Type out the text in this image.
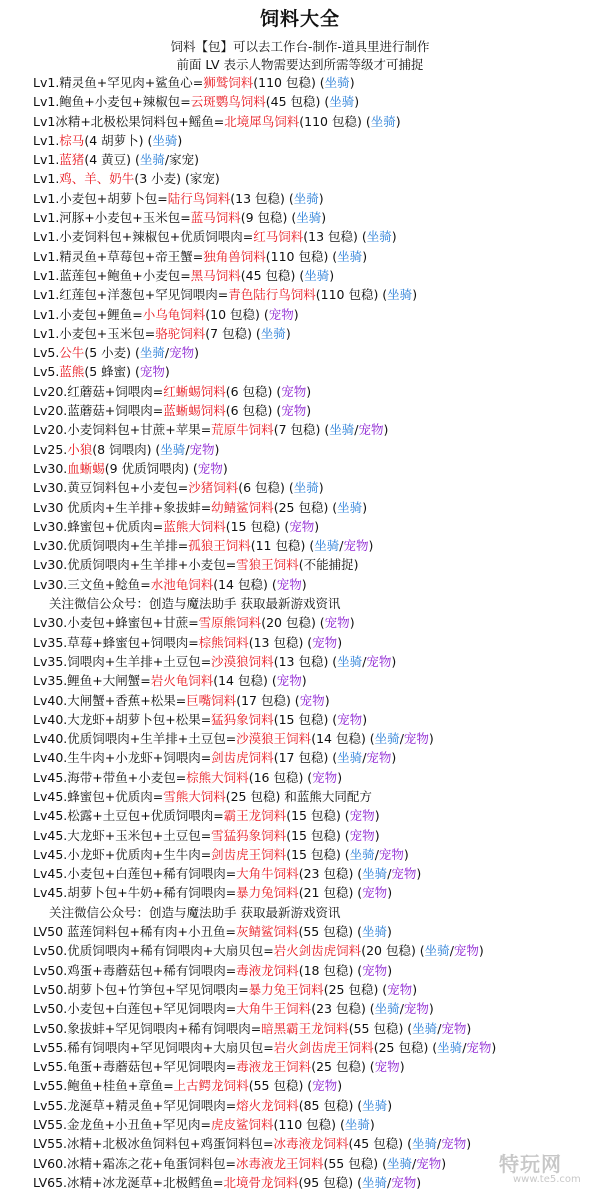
饲料大全
饲料【包】可以去工作台-制作-道具里进行制作
前面 LV 表示人物需要达到所需等级才可捕捉
Lv1.精灵鱼+罕见肉+鲨鱼心=狮鹫饲料(110 包稳) (坐骑)
Lv1.鲍鱼+小麦包+辣椒包=云斑鹦鸟饲料(45 包稳) (坐骑)
Lv1冰精+北极松果饲料包+鳐鱼=北境犀鸟饲料(110 包稳) (坐骑)
Lv1.棕马(4 胡萝卜) (坐骑)
Lv1.蓝猪(4 黄豆) (坐骑/家宠)
Lv1.鸡、羊、奶牛(3 小麦) (家宠)
Lv1.小麦包+胡萝卜包=陆行鸟饲料(13 包稳) (坐骑)
Lv1.河豚+小麦包+玉米包=蓝马饲料(9 包稳) (坐骑)
Lv1.小麦饲料包+辣椒包+优质饲喂肉=红马饲料(13 包稳) (坐骑)
Lv1.精灵鱼+草莓包+帝王蟹=独角兽饲料(110 包稳) (坐骑)
Lv1.蓝莲包+鲍鱼+小麦包=黑马饲料(45 包稳) (坐骑)
Lv1.红莲包+洋葱包+罕见饲喂肉=青色陆行鸟饲料(110 包稳) (坐骑)
Lv1.小麦包+鲤鱼=小乌龟饲料(10 包稳) (宠物)
Lv1.小麦包+玉米包=骆驼饲料(7 包稳) (坐骑)
Lv5.公牛(5 小麦) (坐骑/宠物)
Lv5.蓝熊(5 蜂蜜) (宠物)
Lv20.红蘑菇+饲喂肉=红蜥蜴饲料(6 包稳) (宠物)
Lv20.蓝蘑菇+饲喂肉=蓝蜥蜴饲料(6 包稳) (宠物)
Lv20.小麦饲料包+甘蔗+苹果=荒原牛饲料(7 包稳) (坐骑/宠物)
Lv25.小狼(8 饲喂肉) (坐骑/宠物)
Lv30.血蜥蜴(9 优质饲喂肉) (宠物)
Lv30.黄豆饲料包+小麦包=沙猪饲料(6 包稳) (坐骑)
Lv30 优质肉+生羊排+象拔蚌=幼鲭鲨饲料(25 包稳) (坐骑)
Lv30.蜂蜜包+优质肉=蓝熊大饲料(15 包稳) (宠物)
Lv30.优质饲喂肉+生羊排=孤狼王饲料(11 包稳) (坐骑/宠物)
Lv30.优质饲喂肉+生羊排+小麦包=雪狼王饲料(不能捕捉)
Lv30.三文鱼+鲶鱼=水池龟饲料(14 包稳) (宠物)
关注微信公众号：创造与魔法助手 获取最新游戏资讯
Lv30.小麦包+蜂蜜包+甘蔗=雪原熊饲料(20 包稳) (宠物)
Lv35.草莓+蜂蜜包+饲喂肉=棕熊饲料(13 包稳) (宠物)
Lv35.饲喂肉+生羊排+土豆包=沙漠狼饲料(13 包稳) (坐骑/宠物)
Lv35.鲤鱼+大闸蟹=岩火龟饲料(14 包稳) (宠物)
Lv40.大闸蟹+香蕉+松果=巨嘴饲料(17 包稳) (宠物)
Lv40.大龙虾+胡萝卜包+松果=猛犸象饲料(15 包稳) (宠物)
Lv40.优质饲喂肉+生羊排+土豆包=沙漠狼王饲料(14 包稳) (坐骑/宠物)
Lv40.生牛肉+小龙虾+饲喂肉=剑齿虎饲料(17 包稳) (坐骑/宠物)
Lv45.海带+带鱼+小麦包=棕熊大饲料(16 包稳) (宠物)
Lv45.蜂蜜包+优质肉=雪熊大饲料(25 包稳) 和蓝熊大同配方
Lv45.松露+土豆包+优质饲喂肉=霸王龙饲料(15 包稳) (宠物)
Lv45.大龙虾+玉米包+土豆包=雪猛犸象饲料(15 包稳) (宠物)
Lv45.小龙虾+优质肉+生牛肉=剑齿虎王饲料(15 包稳) (坐骑/宠物)
Lv45.小麦包+白莲包+稀有饲喂肉=大角牛饲料(23 包稳) (坐骑/宠物)
Lv45.胡萝卜包+牛奶+稀有饲喂肉=暴力兔饲料(21 包稳) (宠物)
关注微信公众号：创造与魔法助手 获取最新游戏资讯
LV50 蓝莲饲料包+稀有肉+小丑鱼=灰鲭鲨饲料(55 包稳) (坐骑)
Lv50.优质饲喂肉+稀有饲喂肉+大扇贝包=岩火剑齿虎饲料(20 包稳) (坐骑/宠物)
Lv50.鸡蛋+毒蘑菇包+稀有饲喂肉=毒液龙饲料(18 包稳) (宠物)
Lv50.胡萝卜包+竹笋包+罕见饲喂肉=暴力兔王饲料(25 包稳) (宠物)
Lv50.小麦包+白莲包+罕见饲喂肉=大角牛王饲料(23 包稳) (坐骑/宠物)
Lv50.象拔蚌+罕见饲喂肉+稀有饲喂肉=暗黑霸王龙饲料(55 包稳) (坐骑/宠物)
Lv55.稀有饲喂肉+罕见饲喂肉+大扇贝包=岩火剑齿虎王饲料(25 包稳) (坐骑/宠物)
Lv55.龟蛋+毒蘑菇包+罕见饲喂肉=毒液龙王饲料(25 包稳) (宠物)
Lv55.鲍鱼+桂鱼+章鱼=上古鳄龙饲料(55 包稳) (宠物)
Lv55.龙涎草+精灵鱼+罕见饲喂肉=熔火龙饲料(85 包稳) (坐骑)
LV55.金龙鱼+小丑鱼+罕见肉=虎皮鲨饲料(110 包稳) (坐骑)
LV55.冰精+北极冰鱼饲料包+鸡蛋饲料包=冰毒液龙饲料(45 包稳) (坐骑/宠物)
LV60.冰精+霜冻之花+龟蛋饲料包=冰毒液龙王饲料(55 包稳) (坐骑/宠物)
LV65.冰精+冰龙涎草+北极鳕鱼=北境骨龙饲料(95 包稳) (坐骑/宠物)
特玩网
www.te5.com
